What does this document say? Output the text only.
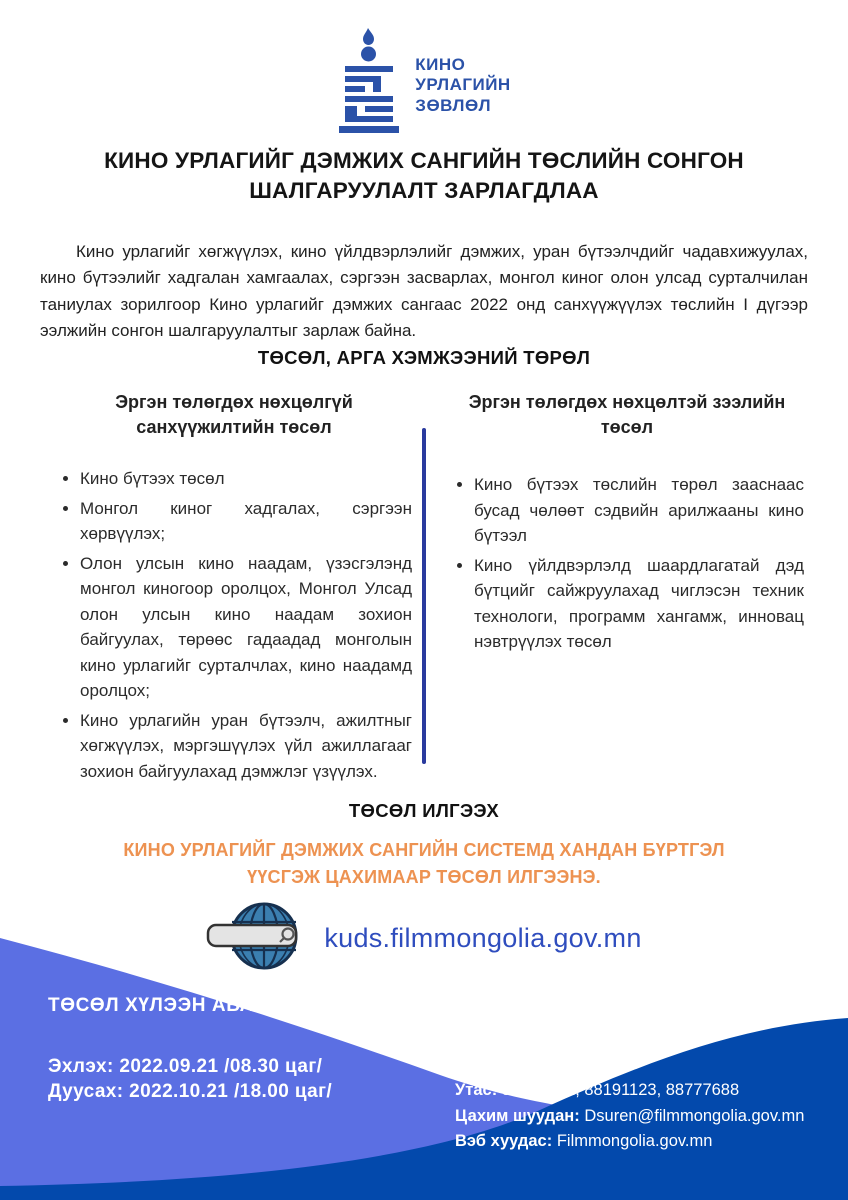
КИНО
УРЛАГИЙН
ЗӨВЛӨЛ
КИНО УРЛАГИЙГ ДЭМЖИХ САНГИЙН ТӨСЛИЙН СОНГОН ШАЛГАРУУЛАЛТ ЗАРЛАГДЛАА

Кино урлагийг хөгжүүлэх, кино үйлдвэрлэлийг дэмжих, уран бүтээлчдийг чадавхижуулах, кино бүтээлийг хадгалан хамгаалах, сэргээн засварлах, монгол киног олон улсад сурталчилан таниулах зорилгоор Кино урлагийг дэмжих сангаас 2022 онд санхүүжүүлэх төслийн I дүгээр ээлжийн сонгон шалгаруулалтыг зарлаж байна.

ТӨСӨЛ, АРГА ХЭМЖЭЭНИЙ ТӨРӨЛ
Эргэн төлөгдөх нөхцөлгүй санхүүжилтийн төсөл
• Кино бүтээх төсөл
• Монгол киног хадгалах, сэргээн хөрвүүлэх;
• Олон улсын кино наадам, үзэсгэлэнд монгол киногоор оролцох, Монгол Улсад олон улсын кино наадам зохион байгуулах, төрөөс гадаадад монголын кино урлагийг сурталчлах, кино наадамд оролцох;
• Кино урлагийн уран бүтээлч, ажилтныг хөгжүүлэх, мэргэшүүлэх үйл ажиллагааг зохион байгуулахад дэмжлэг үзүүлэх.
Эргэн төлөгдөх нөхцөлтэй зээлийн төсөл
• Кино бүтээх төслийн төрөл зааснаас бусад чөлөөт сэдвийн арилжааны кино бүтээл
• Кино үйлдвэрлэлд шаардлагатай дэд бүтцийг сайжруулахад чиглэсэн техник технологи, программ хангамж, инновац нэвтрүүлэх төсөл
ТӨСӨЛ ИЛГЭЭХ
КИНО УРЛАГИЙГ ДЭМЖИХ САНГИЙН СИСТЕМД ХАНДАН БҮРТГЭЛ ҮҮСГЭЖ ЦАХИМААР ТӨСӨЛ ИЛГЭЭНЭ.
kuds.filmmongolia.gov.mn
ТӨСӨЛ ХҮЛЭЭН АВАХ ХУГАЦАА:
Эхлэх: 2022.09.21 /08.30 цаг/
Дуусах: 2022.10.21 /18.00 цаг/	Утас: 93229322, 88191123, 88777688
Цахим шуудан: Dsuren@filmmongolia.gov.mn
Вэб хуудас: Filmmongolia.gov.mn
